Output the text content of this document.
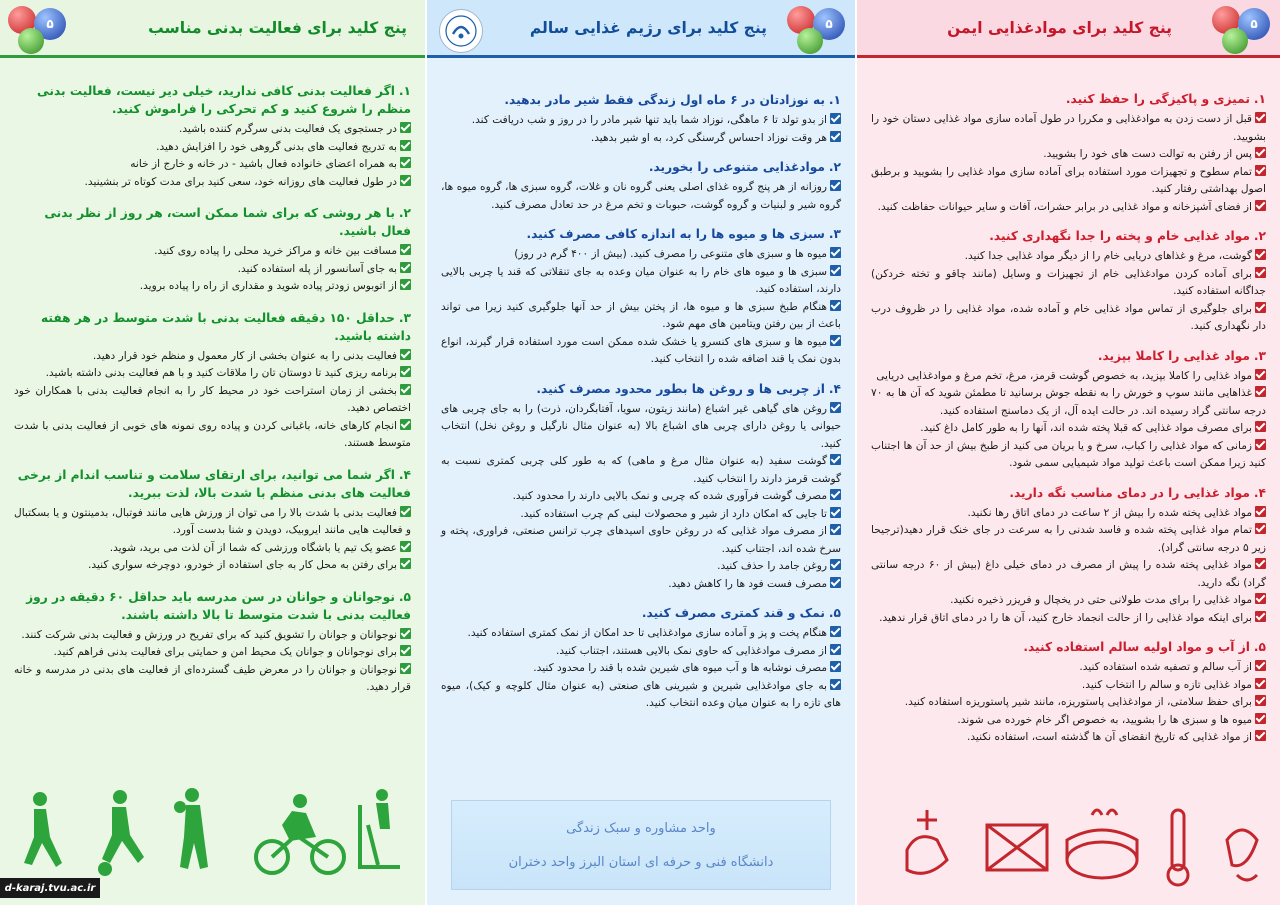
پنج کلید برای فعالیت بدنی مناسب
۵
۱.اگر فعالیت بدنی کافی ندارید، خیلی دیر نیست، فعالیت بدنی منظم را شروع کنید و کم تحرکی را فراموش کنید.
در جستجوی یک فعالیت بدنی سرگرم کننده باشید.
به تدریج فعالیت های بدنی گروهی خود را افزایش دهید.
به همراه اعضای خانواده فعال باشید - در خانه و خارج از خانه
در طول فعالیت های روزانه خود، سعی کنید برای مدت کوتاه تر بنشینید.
۲.با هر روشی که برای شما ممکن است، هر روز از نظر بدنی فعال باشید.
مسافت بین خانه و مراکز خرید محلی را پیاده روی کنید.
به جای آسانسور از پله استفاده کنید.
از اتوبوس زودتر پیاده شوید و مقداری از راه را پیاده بروید.
۳.حداقل ۱۵۰ دقیقه فعالیت بدنی با شدت متوسط در هر هفته داشته باشید.
فعالیت بدنی را به عنوان بخشی از کار معمول و منظم خود قرار دهید.
برنامه ریزی کنید تا دوستان تان را ملاقات کنید و با هم فعالیت بدنی داشته باشید.
بخشی از زمان استراحت خود در محیط کار را به انجام فعالیت بدنی با همکاران خود اختصاص دهید.
انجام کارهای خانه، باغبانی کردن و پیاده روی نمونه های خوبی از فعالیت بدنی با شدت متوسط هستند.
۴.اگر شما می توانید، برای ارتقای سلامت و تناسب اندام از برخی فعالیت های بدنی منظم با شدت بالا، لذت ببرید.
فعالیت بدنی با شدت بالا را می توان از ورزش هایی مانند فوتبال، بدمینتون و یا بسکتبال و فعالیت هایی مانند ایروبیک، دویدن و شنا بدست آورد.
عضو یک تیم یا باشگاه ورزشی که شما از آن لذت می برید، شوید.
برای رفتن به محل کار به جای استفاده از خودرو، دوچرخه سواری کنید.
۵.نوجوانان و جوانان در سن مدرسه باید حداقل ۶۰ دقیقه در روز فعالیت بدنی با شدت متوسط تا بالا داشته باشند.
نوجوانان و جوانان را تشویق کنید که برای تفریح در ورزش و فعالیت بدنی شرکت کنند.
برای نوجوانان و جوانان یک محیط امن و حمایتی برای فعالیت بدنی فراهم کنید.
نوجوانان و جوانان را در معرض طیف گسترده‌ای از فعالیت های بدنی در مدرسه و خانه قرار دهید.
پنج کلید برای رژیم غذایی سالم	۵
۱.به نوزادتان در ۶ ماه اول زندگی فقط شیر مادر بدهید.
از بدو تولد تا ۶ ماهگی، نوزاد شما باید تنها شیر مادر را در روز و شب دریافت کند.
هر وقت نوزاد احساس گرسنگی کرد، به او شیر بدهید.
۲.موادغذایی متنوعی را بخورید.
روزانه از هر پنج گروه غذای اصلی یعنی گروه نان و غلات، گروه سبزی ها، گروه میوه ها، گروه شیر و لبنیات و گروه گوشت، حبوبات و تخم مرغ در حد تعادل مصرف کنید.
۳.سبزی ها و میوه ها را به اندازه کافی مصرف کنید.
میوه ها و سبزی های متنوعی را مصرف کنید. (بیش از ۴۰۰ گرم در روز)
سبزی ها و میوه های خام را به عنوان میان وعده به جای تنقلاتی که قند یا چربی بالایی دارند، استفاده کنید.
هنگام طبخ سبزی ها و میوه ها، از پختن بیش از حد آنها جلوگیری کنید زیرا می تواند باعث از بین رفتن ویتامین های مهم شود.
میوه ها و سبزی های کنسرو یا خشک شده ممکن است مورد استفاده قرار گیرند، انواع بدون نمک یا قند اضافه شده را انتخاب کنید.
۴.از چربی ها و روغن ها بطور محدود مصرف کنید.
روغن های گیاهی غیر اشباع (مانند زیتون، سویا، آفتابگردان، ذرت) را به جای چربی های حیوانی یا روغن دارای چربی های اشباع بالا (به عنوان مثال نارگیل و روغن نخل) انتخاب کنید.
گوشت سفید (به عنوان مثال مرغ و ماهی) که به طور کلی چربی کمتری نسبت به گوشت قرمز دارند را انتخاب کنید.
مصرف گوشت فرآوری شده که چربی و نمک بالایی دارند را محدود کنید.
تا جایی که امکان دارد از شیر و محصولات لبنی کم چرب استفاده کنید.
از مصرف مواد غذایی که در روغن حاوی اسیدهای چرب ترانس صنعتی، فراوری، پخته و سرخ شده اند، اجتناب کنید.
روغن جامد را حذف کنید.
مصرف فست فود ها را کاهش دهید.
۵.نمک و قند کمتری مصرف کنید.
هنگام پخت و پز و آماده سازی موادغذایی تا حد امکان از نمک کمتری استفاده کنید.
از مصرف موادغذایی که حاوی نمک بالایی هستند، اجتناب کنید.
مصرف نوشابه ها و آب میوه های شیرین شده با قند را محدود کنید.
به جای موادغذایی شیرین و شیرینی های صنعتی (به عنوان مثال کلوچه و کیک)، میوه های تازه را به عنوان میان وعده انتخاب کنید.
واحد مشاوره و سبک زندگی
دانشگاه فنی و حرفه ای استان البرز واحد دختران
پنج کلید برای موادغذایی ایمن	۵
۱.تمیزی و پاکیزگی را حفظ کنید.
قبل از دست زدن به موادغذایی و مکررا در طول آماده سازی مواد غذایی دستان خود را بشویید.
پس از رفتن به توالت دست های خود را بشویید.
تمام سطوح و تجهیزات مورد استفاده برای آماده سازی مواد غذایی را بشویید و برطبق اصول بهداشتی رفتار کنید.
از فضای آشپزخانه و مواد غذایی در برابر حشرات، آفات و سایر حیوانات حفاظت کنید.
۲.مواد غذایی خام و پخته را جدا نگهداری کنید.
گوشت، مرغ و غذاهای دریایی خام را از دیگر مواد غذایی جدا کنید.
برای آماده کردن موادغذایی خام از تجهیزات و وسایل (مانند چاقو و تخته خردکن) جداگانه استفاده کنید.
برای جلوگیری از تماس مواد غذایی خام و آماده شده، مواد غذایی را در ظروف درب دار نگهداری کنید.
۳.مواد غذایی را کاملا بپزید.
مواد غذایی را کاملا بپزید، به خصوص گوشت قرمز، مرغ، تخم مرغ و موادغذایی دریایی
غذاهایی مانند سوپ و خورش را به نقطه جوش برسانید تا مطمئن شوید که آن ها به ۷۰ درجه سانتی گراد رسیده اند. در حالت ایده آل، از یک دماسنج استفاده کنید.
برای مصرف مواد غذایی که قبلا پخته شده اند، آنها را به طور کامل داغ کنید.
زمانی که مواد غذایی را کباب، سرخ و یا بریان می کنید از طبخ بیش از حد آن ها اجتناب کنید زیرا ممکن است باعث تولید مواد شیمیایی سمی شود.
۴.مواد غذایی را در دمای مناسب نگه دارید.
مواد غذایی پخته شده را بیش از ۲ ساعت در دمای اتاق رها نکنید.
تمام مواد غذایی پخته شده و فاسد شدنی را به سرعت در جای خنک قرار دهید(ترجیحا زیر ۵ درجه سانتی گراد).
مواد غذایی پخته شده را پیش از مصرف در دمای خیلی داغ (بیش از ۶۰ درجه سانتی گراد) نگه دارید.
مواد غذایی را برای مدت طولانی حتی در یخچال و فریزر ذخیره نکنید.
برای اینکه مواد غذایی را از حالت انجماد خارج کنید، آن ها را در دمای اتاق قرار ندهید.
۵.از آب و مواد اولیه سالم استفاده کنید.
از آب سالم و تصفیه شده استفاده کنید.
مواد غذایی تازه و سالم را انتخاب کنید.
برای حفظ سلامتی، از موادغذایی پاستوریزه، مانند شیر پاستوریزه استفاده کنید.
میوه ها و سبزی ها را بشویید، به خصوص اگر خام خورده می شوند.
از مواد غذایی که تاریخ انقضای آن ها گذشته است، استفاده نکنید.
d-karaj.tvu.ac.ir
